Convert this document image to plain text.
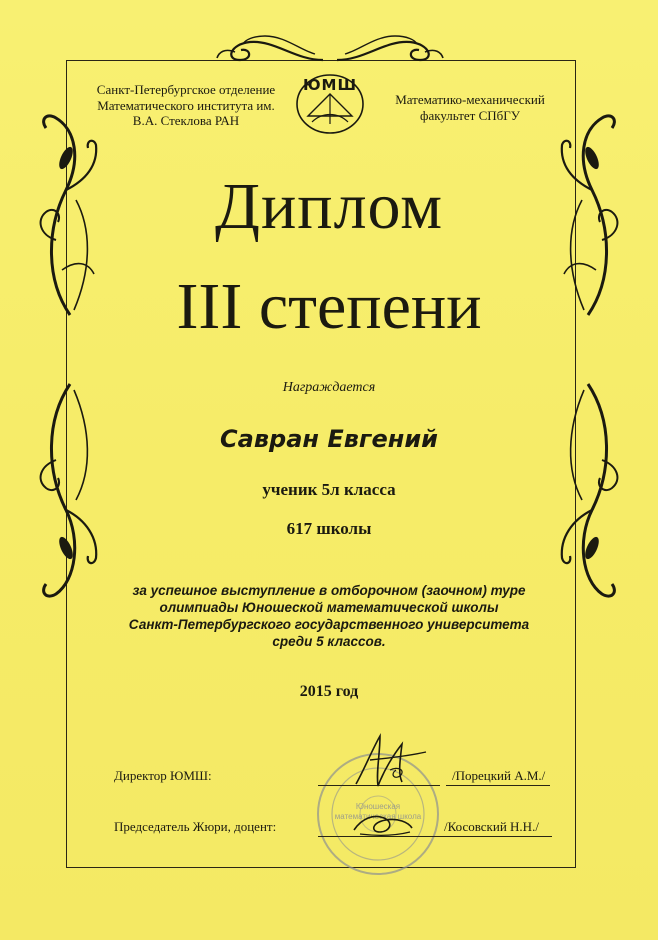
Санкт-Петербургское отделение
Математического института им.
В.А. Стеклова РАН
ЮМШ
Математико-механический
факультет СПбГУ
Диплом
III степени
Награждается
Савран Евгений
ученик 5л класса
617 школы
за успешное выступление в отборочном (заочном) туре
олимпиады Юношеской математической школы
Санкт-Петербургского государственного университета
среди 5 классов.
2015 год
Юношеская математическая школа
Директор ЮМШ:	/Порецкий А.М./
Председатель Жюри, доцент:	/Косовский Н.Н./
